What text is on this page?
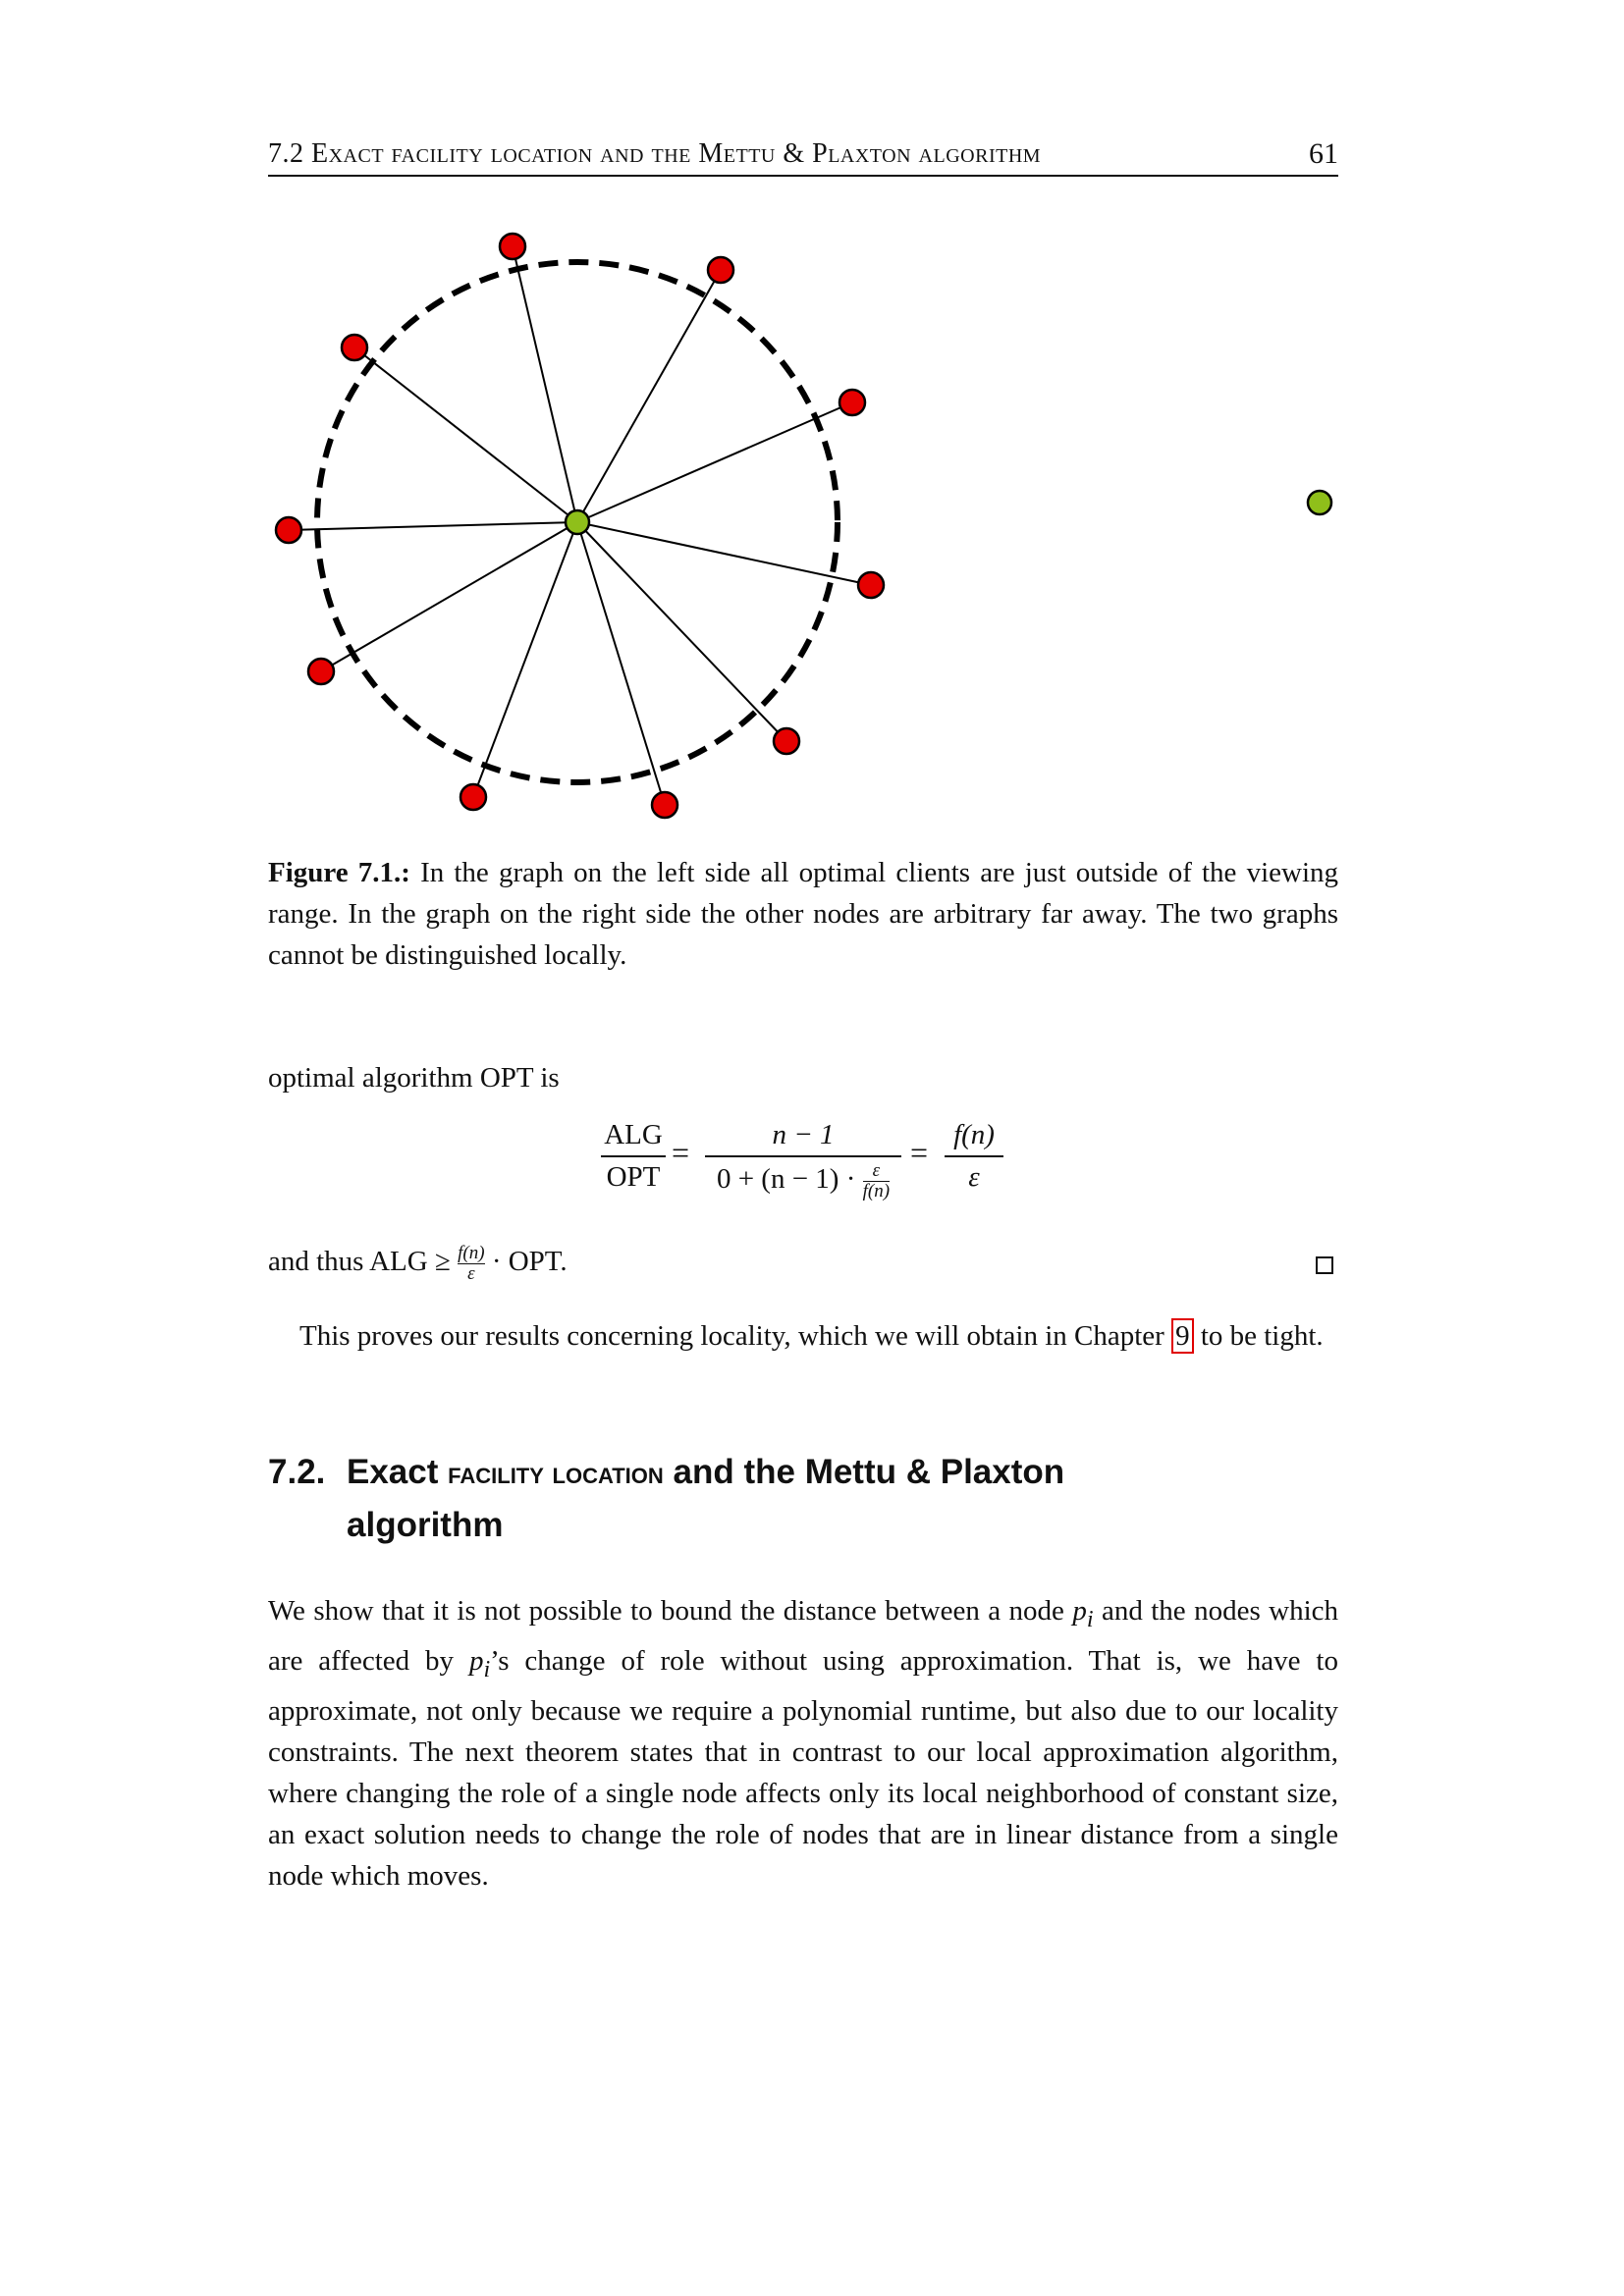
7.2 Exact facility location and the Mettu & Plaxton algorithm	61
Figure 7.1.: In the graph on the left side all optimal clients are just outside of the viewing range. In the graph on the right side the other nodes are arbitrary far away. The two graphs cannot be distinguished locally.
optimal algorithm OPT is
ALG
OPT
= $\frac{n - 1}{0 + (n - 1) \cdot \frac{\varepsilon}{f(n)}} = \frac{f(n)}{\varepsilon}$
and thus ALG ≥ $\frac{f(n)}{\varepsilon}$ · OPT.
This proves our results concerning locality, which we will obtain in Chapter 9 to be tight.
7.2. Exact facility location and the Mettu & Plaxton
algorithm
We show that it is not possible to bound the distance between a node $p_i$ and the nodes which are affected by $p_i’s$ change of role without using approximation. That is, we have to approximate, not only because we require a polynomial runtime, but also due to our locality constraints. The next theorem states that in contrast to our local approximation algorithm, where changing the role of a single node affects only its local neighborhood of constant size, an exact solution needs to change the role of nodes that are in linear distance from a single node which moves.
